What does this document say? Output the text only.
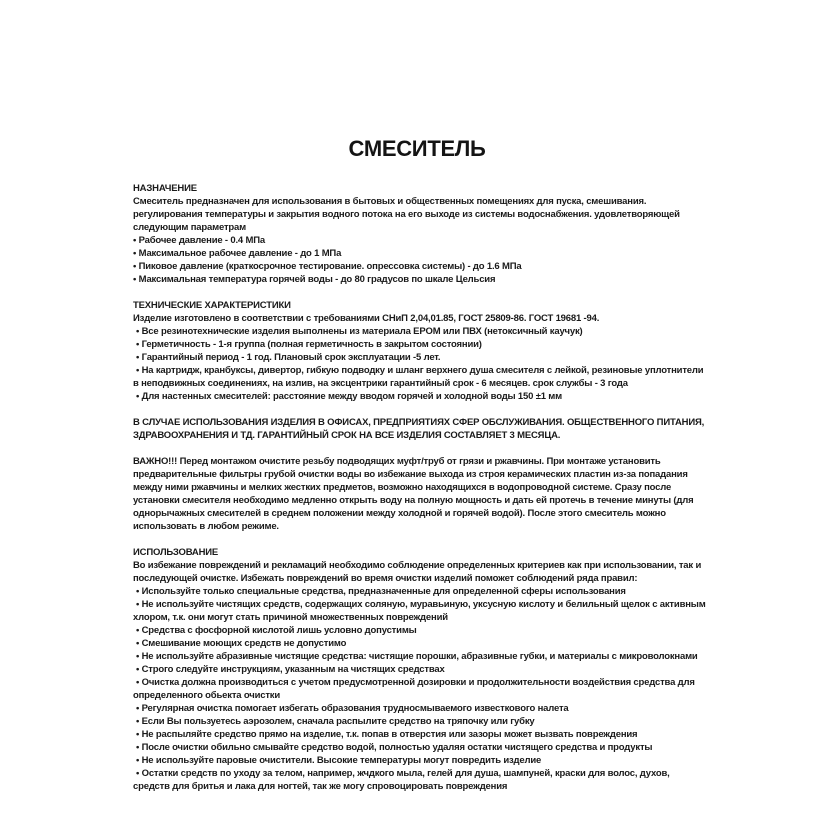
СМЕСИТЕЛЬ
НАЗНАЧЕНИЕ
Смеситель предназначен для использования в бытовых и общественных помещениях для пуска, смешивания. регулирования температуры и закрытия водного потока на его выходе из системы водоснабжения. удовлетворяющей следующим параметрам
• Рабочее давление - 0.4 МПа
• Максимальное рабочее давление - до 1 МПа
• Пиковое давление (краткосрочное тестирование. опрессовка системы) - до 1.6 МПа
• Максимальная температура горячей воды - до 80 градусов по шкале Цельсия
ТЕХНИЧЕСКИЕ ХАРАКТЕРИСТИКИ
Изделие изготовлено в соответствии с требованиями СНиП 2,04,01.85, ГОСТ 25809-86. ГОСТ 19681 -94.
• Все резинотехнические изделия выполнены из материала EPOM или ПВХ (нетоксичный каучук)
• Герметичность - 1-я группа (полная герметичность в закрытом состоянии)
• Гарантийный период - 1 год. Плановый срок эксплуатации -5 лет.
• На картридж, кранбуксы, дивертор, гибкую подводку и шланг верхнего душа смесителя с лейкой, резиновые уплотнители в неподвижных соединениях, на излив, на эксцентрики гарантийный срок - 6 месяцев. срок службы - 3 года
• Для настенных смесителей: расстояние между вводом горячей и холодной воды 150 ±1 мм
В СЛУЧАЕ ИСПОЛЬЗОВАНИЯ ИЗДЕЛИЯ В ОФИСАХ, ПРЕДПРИЯТИЯХ СФЕР ОБСЛУЖИВАНИЯ. ОБЩЕСТВЕННОГО ПИТАНИЯ, ЗДРАВООХРАНЕНИЯ И ТД. ГАРАНТИЙНЫЙ СРОК НА ВСЕ ИЗДЕЛИЯ СОСТАВЛЯЕТ 3 МЕСЯЦА.
ВАЖНО!!! Перед монтажом очистите резьбу подводящих муфт/труб от грязи и ржавчины. При монтаже установить предварительные фильтры грубой очистки воды во избежание выхода из строя керамических пластин из-за попадания между ними ржавчины и мелких жестких предметов, возможно находящихся в водопроводной системе. Сразу после установки смесителя необходимо медленно открыть воду на полную мощность и дать ей протечь в течение минуты (для однорычажных смесителей в среднем положении между холодной и горячей водой). После этого смеситель можно использовать в любом режиме.
ИСПОЛЬЗОВАНИЕ
Во избежание повреждений и рекламаций необходимо соблюдение определенных критериев как при использовании, так и последующей очистке. Избежать повреждений во время очистки изделий поможет соблюдений ряда правил:
• Используйте только специальные средства, предназначенные для определенной сферы использования
• Не используйте чистящих средств, содержащих соляную, муравьиную, уксусную кислоту и белильный щелок с активным хлором, т.к. они могут стать причиной множественных повреждений
• Средства с фосфорной кислотой лишь условно допустимы
• Смешивание моющих средств не допустимо
• Не используйте абразивные чистящие средства: чистящие порошки, абразивные губки, и материалы с микроволокнами
• Строго следуйте инструкциям, указанным на чистящих средствах
• Очистка должна производиться с учетом предусмотренной дозировки и продолжительности воздействия средства для определенного обьекта очистки
• Регулярная очистка помогает избегать образования трудносмываемого известкового налета
• Если Вы пользуетесь аэрозолем, сначала распылите средство на тряпочку или губку
• Не распыляйте средство прямо на изделие, т.к. попав в отверстия или зазоры может вызвать повреждения
• После очистки обильно смывайте средство водой, полностью удаляя остатки чистящего средства и продукты
• Не используйте паровые очистители. Высокие температуры могут повредить изделие
• Остатки средств по уходу за телом, например, жчдкого мыла, гелей для душа, шампуней, краски для волос, духов, средств для бритья и лака для ногтей, так же могу спровоцировать повреждения
